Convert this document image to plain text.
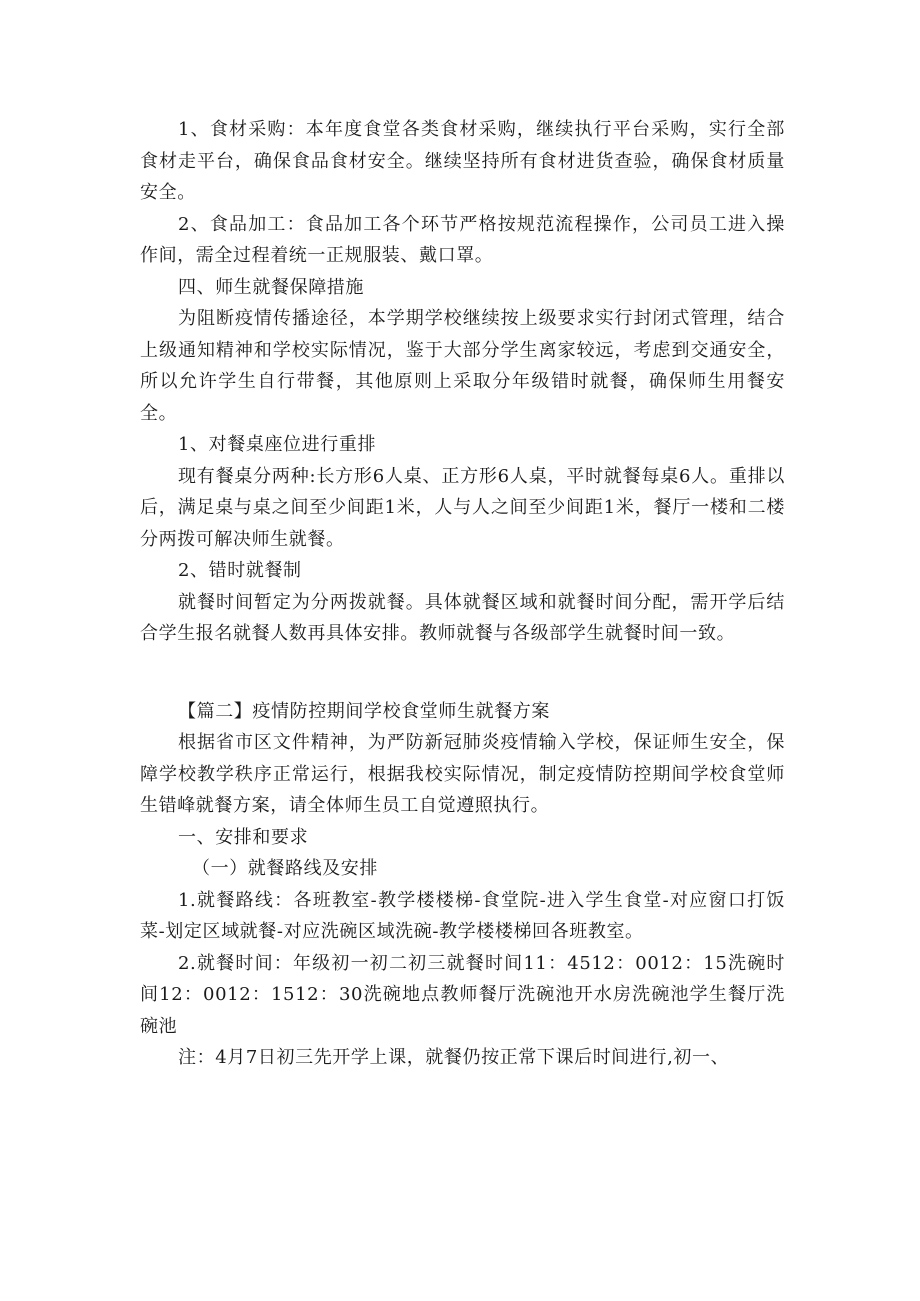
1、食材采购：本年度食堂各类食材采购，继续执行平台采购，实行全部食材走平台，确保食品食材安全。继续坚持所有食材进货查验，确保食材质量安全。

2、食品加工：食品加工各个环节严格按规范流程操作，公司员工进入操作间，需全过程着统一正规服装、戴口罩。

四、师生就餐保障措施

为阻断疫情传播途径，本学期学校继续按上级要求实行封闭式管理，结合上级通知精神和学校实际情况，鉴于大部分学生离家较远，考虑到交通安全，所以允许学生自行带餐，其他原则上采取分年级错时就餐，确保师生用餐安全。

1、对餐桌座位进行重排

现有餐桌分两种:长方形6人桌、正方形6人桌，平时就餐每桌6人。重排以后，满足桌与桌之间至少间距1米，人与人之间至少间距1米，餐厅一楼和二楼分两拨可解决师生就餐。

2、错时就餐制

就餐时间暂定为分两拨就餐。具体就餐区域和就餐时间分配，需开学后结合学生报名就餐人数再具体安排。教师就餐与各级部学生就餐时间一致。

【篇二】疫情防控期间学校食堂师生就餐方案

根据省市区文件精神，为严防新冠肺炎疫情输入学校，保证师生安全，保障学校教学秩序正常运行，根据我校实际情况，制定疫情防控期间学校食堂师生错峰就餐方案，请全体师生员工自觉遵照执行。

一、安排和要求

（一）就餐路线及安排

1.就餐路线：各班教室-教学楼楼梯-食堂院-进入学生食堂-对应窗口打饭菜-划定区域就餐-对应洗碗区域洗碗-教学楼楼梯回各班教室。

2.就餐时间：年级初一初二初三就餐时间11：4512：0012：15洗碗时间12：0012：1512：30洗碗地点教师餐厅洗碗池开水房洗碗池学生餐厅洗碗池

注：4月7日初三先开学上课，就餐仍按正常下课后时间进行,初一、
